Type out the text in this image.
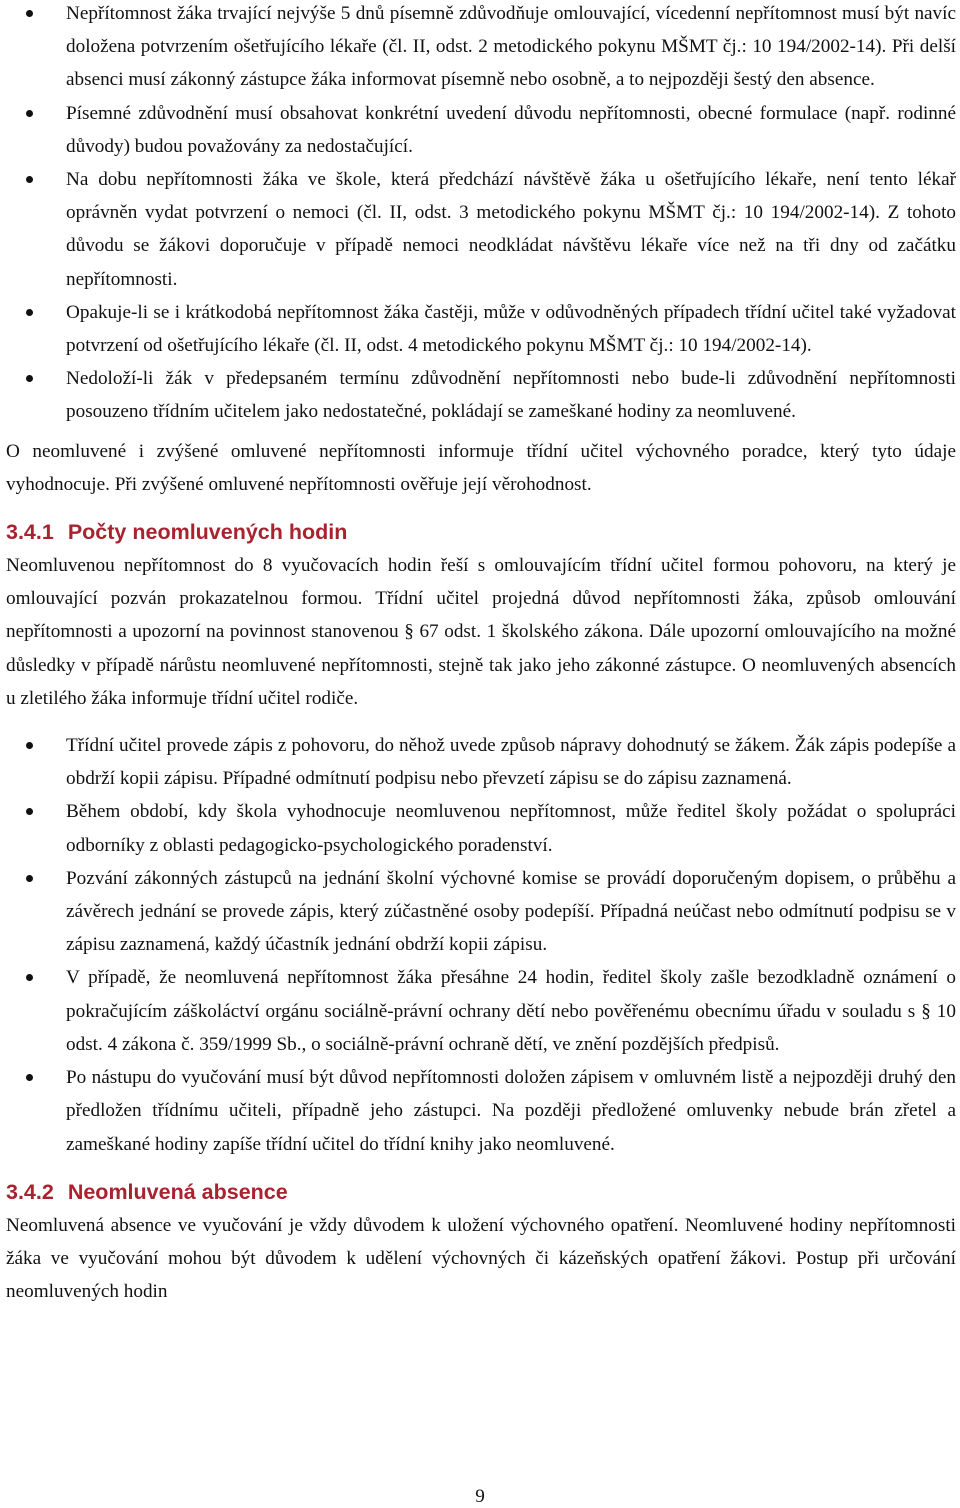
Nepřítomnost žáka trvající nejvýše 5 dnů písemně zdůvodňuje omlouvající, vícedenní nepřítomnost musí být navíc doložena potvrzením ošetřujícího lékaře (čl. II, odst. 2 metodického pokynu MŠMT čj.: 10 194/2002-14). Při delší absenci musí zákonný zástupce žáka informovat písemně nebo osobně, a to nejpozději šestý den absence.
Písemné zdůvodnění musí obsahovat konkrétní uvedení důvodu nepřítomnosti, obecné formulace (např. rodinné důvody) budou považovány za nedostačující.
Na dobu nepřítomnosti žáka ve škole, která předchází návštěvě žáka u ošetřujícího lékaře, není tento lékař oprávněn vydat potvrzení o nemoci (čl. II, odst. 3 metodického pokynu MŠMT čj.: 10 194/2002-14). Z tohoto důvodu se žákovi doporučuje v případě nemoci neodkládat návštěvu lékaře více než na tři dny od začátku nepřítomnosti.
Opakuje-li se i krátkodobá nepřítomnost žáka častěji, může v odůvodněných případech třídní učitel také vyžadovat potvrzení od ošetřujícího lékaře (čl. II, odst. 4 metodického pokynu MŠMT čj.: 10 194/2002-14).
Nedoloží-li žák v předepsaném termínu zdůvodnění nepřítomnosti nebo bude-li zdůvodnění nepřítomnosti posouzeno třídním učitelem jako nedostatečné, pokládají se zameškané hodiny za neomluvené.

O neomluvené i zvýšené omluvené nepřítomnosti informuje třídní učitel výchovného poradce, který tyto údaje vyhodnocuje. Při zvýšené omluvené nepřítomnosti ověřuje její věrohodnost.

3.4.1 Počty neomluvených hodin

Neomluvenou nepřítomnost do 8 vyučovacích hodin řeší s omlouvajícím třídní učitel formou pohovoru, na který je omlouvající pozván prokazatelnou formou. Třídní učitel projedná důvod nepřítomnosti žáka, způsob omlouvání nepřítomnosti a upozorní na povinnost stanovenou § 67 odst. 1 školského zákona. Dále upozorní omlouvajícího na možné důsledky v případě nárůstu neomluvené nepřítomnosti, stejně tak jako jeho zákonné zástupce. O neomluvených absencích u zletilého žáka informuje třídní učitel rodiče.

Třídní učitel provede zápis z pohovoru, do něhož uvede způsob nápravy dohodnutý se žákem. Žák zápis podepíše a obdrží kopii zápisu. Případné odmítnutí podpisu nebo převzetí zápisu se do zápisu zaznamená.
Během období, kdy škola vyhodnocuje neomluvenou nepřítomnost, může ředitel školy požádat o spolupráci odborníky z oblasti pedagogicko-psychologického poradenství.
Pozvání zákonných zástupců na jednání školní výchovné komise se provádí doporučeným dopisem, o průběhu a závěrech jednání se provede zápis, který zúčastněné osoby podepíší. Případná neúčast nebo odmítnutí podpisu se v zápisu zaznamená, každý účastník jednání obdrží kopii zápisu.
V případě, že neomluvená nepřítomnost žáka přesáhne 24 hodin, ředitel školy zašle bezodkladně oznámení o pokračujícím záškoláctví orgánu sociálně-právní ochrany dětí nebo pověřenému obecnímu úřadu v souladu s § 10 odst. 4 zákona č. 359/1999 Sb., o sociálně-právní ochraně dětí, ve znění pozdějších předpisů.
Po nástupu do vyučování musí být důvod nepřítomnosti doložen zápisem v omluvném listě a nejpozději druhý den předložen třídnímu učiteli, případně jeho zástupci. Na později předložené omluvenky nebude brán zřetel a zameškané hodiny zapíše třídní učitel do třídní knihy jako neomluvené.
3.4.2 Neomluvená absence

Neomluvená absence ve vyučování je vždy důvodem k uložení výchovného opatření. Neomluvené hodiny nepřítomnosti žáka ve vyučování mohou být důvodem k udělení výchovných či kázeňských opatření žákovi. Postup při určování neomluvených hodin

9
